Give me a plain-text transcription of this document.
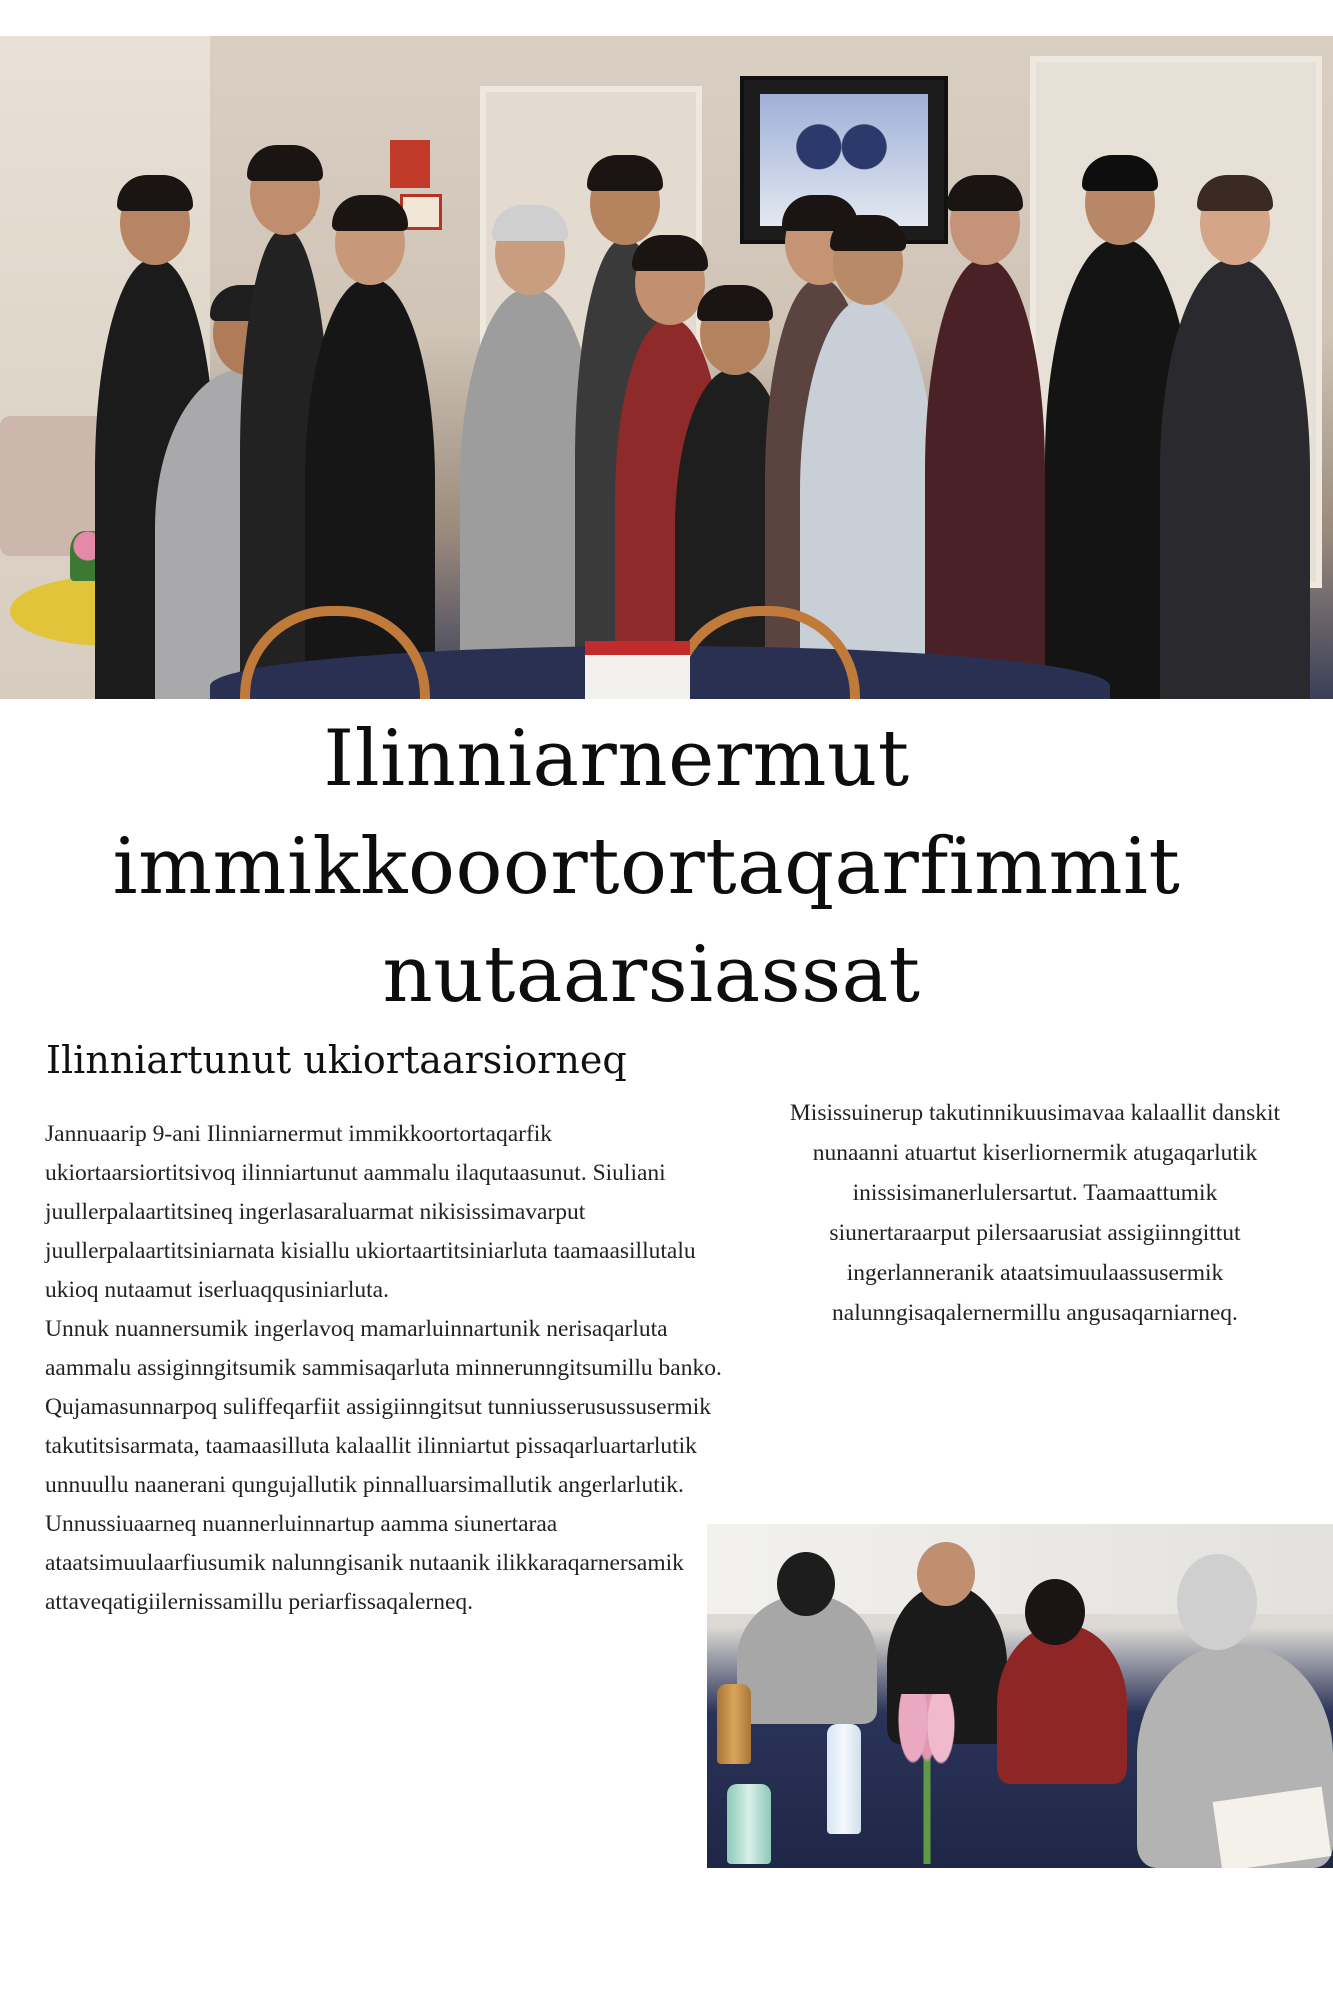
Ilinniarnermut
immikkooortortaqarfimmit
nutaarsiassat
Ilinniartunut ukiortaarsiorneq

Jannuaarip 9-ani Ilinniarnermut immikkoortortaqarfik ukiortaarsiortitsivoq ilinniartunut aammalu ilaqutaasunut. Siuliani juullerpalaartitsineq ingerlasaraluarmat nikisissimavarput juullerpalaartitsiniarnata kisiallu ukiortaartitsiniarluta taamaasillutalu ukioq nutaamut iserluaqqusiniarluta.

Unnuk nuannersumik ingerlavoq mamarluinnartunik nerisaqarluta aammalu assiginngitsumik sammisaqarluta minnerunngitsumillu banko. Qujamasunnarpoq suliffeqarfiit assigiinngitsut tunniusserusussusermik takutitsisarmata, taamaasilluta kalaallit ilinniartut pissaqarluartarlutik unnuullu naanerani qungujallutik pinnalluarsimallutik angerlarlutik.

Unnussiuaarneq nuannerluinnartup aamma siunertaraa ataatsimuulaarfiusumik nalunngisanik nutaanik ilikkaraqarnersamik attaveqatigiilernissamillu periarfissaqalerneq.

Misissuinerup takutinnikuusimavaa kalaallit danskit nunaanni atuartut kiserliornermik atugaqarlutik inissisimanerlulersartut. Taamaattumik siunertaraarput pilersaarusiat assigiinngittut ingerlanneranik ataatsimuulaassusermik nalunngisaqalernermillu angusaqarniarneq.
